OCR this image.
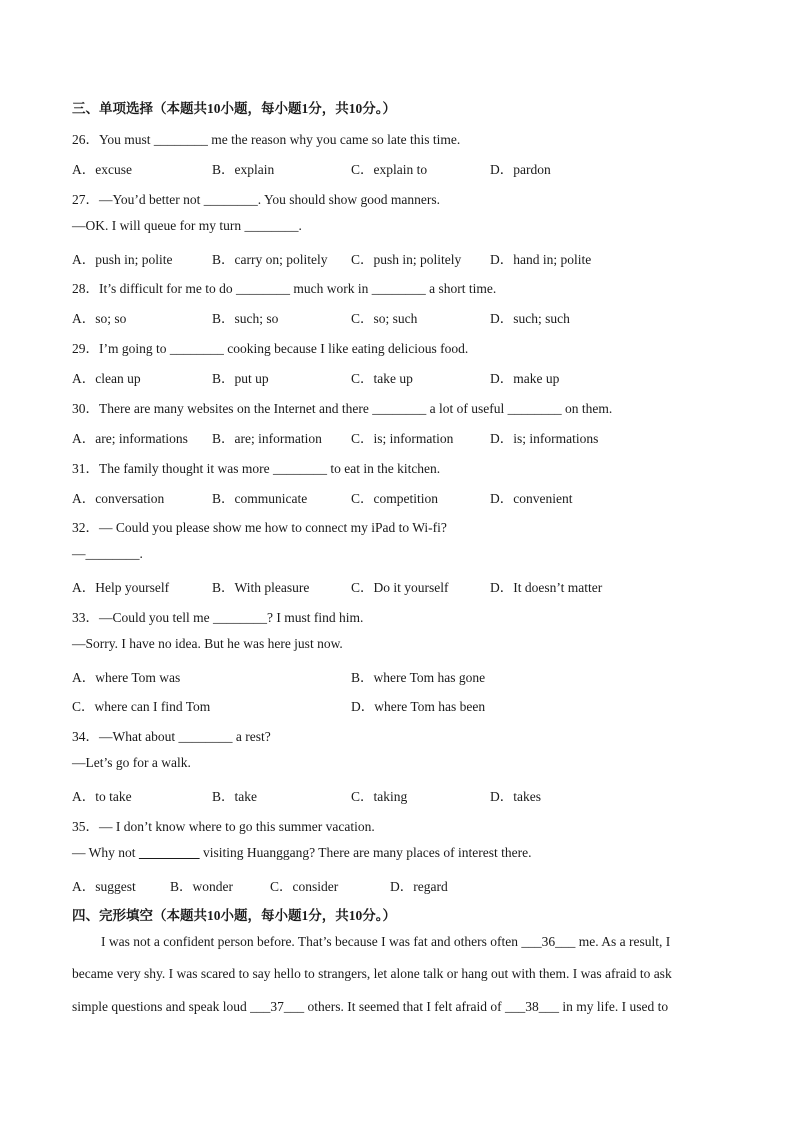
三、单项选择（本题共10小题，每小题1分，共10分。）
26．You must ________ me the reason why you came so late this time.
A．excuse	B．explain	C．explain to	D．pardon
27．—You’d better not ________. You should show good manners.
—OK. I will queue for my turn ________.
A．push in; polite	B．carry on; politely C．push in; politely D．hand in; polite
28．It’s difficult for me to do ________ much work in ________ a short time.
A．so; so	B．such; so	C．so; such	D．such; such
29．I’m going to ________ cooking because I like eating delicious food.
A．clean up	B．put up	C．take up	D．make up
30．There are many websites on the Internet and there ________ a lot of useful ________ on them.
A．are; informations B．are; information C．is; information	D．is; informations
31．The family thought it was more ________ to eat in the kitchen.
A．conversation	B．communicate	C．competition	D．convenient
32．— Could you please show me how to connect my iPad to Wi-fi?
—________.
A．Help yourself	B．With pleasure	C．Do it yourself	D．It doesn’t matter
33．—Could you tell me ________? I must find him.
—Sorry. I have no idea. But he was here just now.
A．where Tom was	B．where Tom has gone
C．where can I find Tom	D．where Tom has been
34．—What about ________ a rest?
—Let’s go for a walk.
A．to take	B．take	C．taking	D．takes
35．— I don’t know where to go this summer vacation.
— Why not	visiting Huanggang? There are many places of interest there.
A．suggest	B．wonder	C．consider	D．regard
四、完形填空（本题共10小题，每小题1分，共10分。）
I was not a confident person before. That’s because I was fat and others often ___36___ me. As a result, I
became very shy. I was scared to say hello to strangers, let alone talk or hang out with them. I was afraid to ask
simple questions and speak loud ___37___ others. It seemed that I felt afraid of ___38___ in my life. I used to
